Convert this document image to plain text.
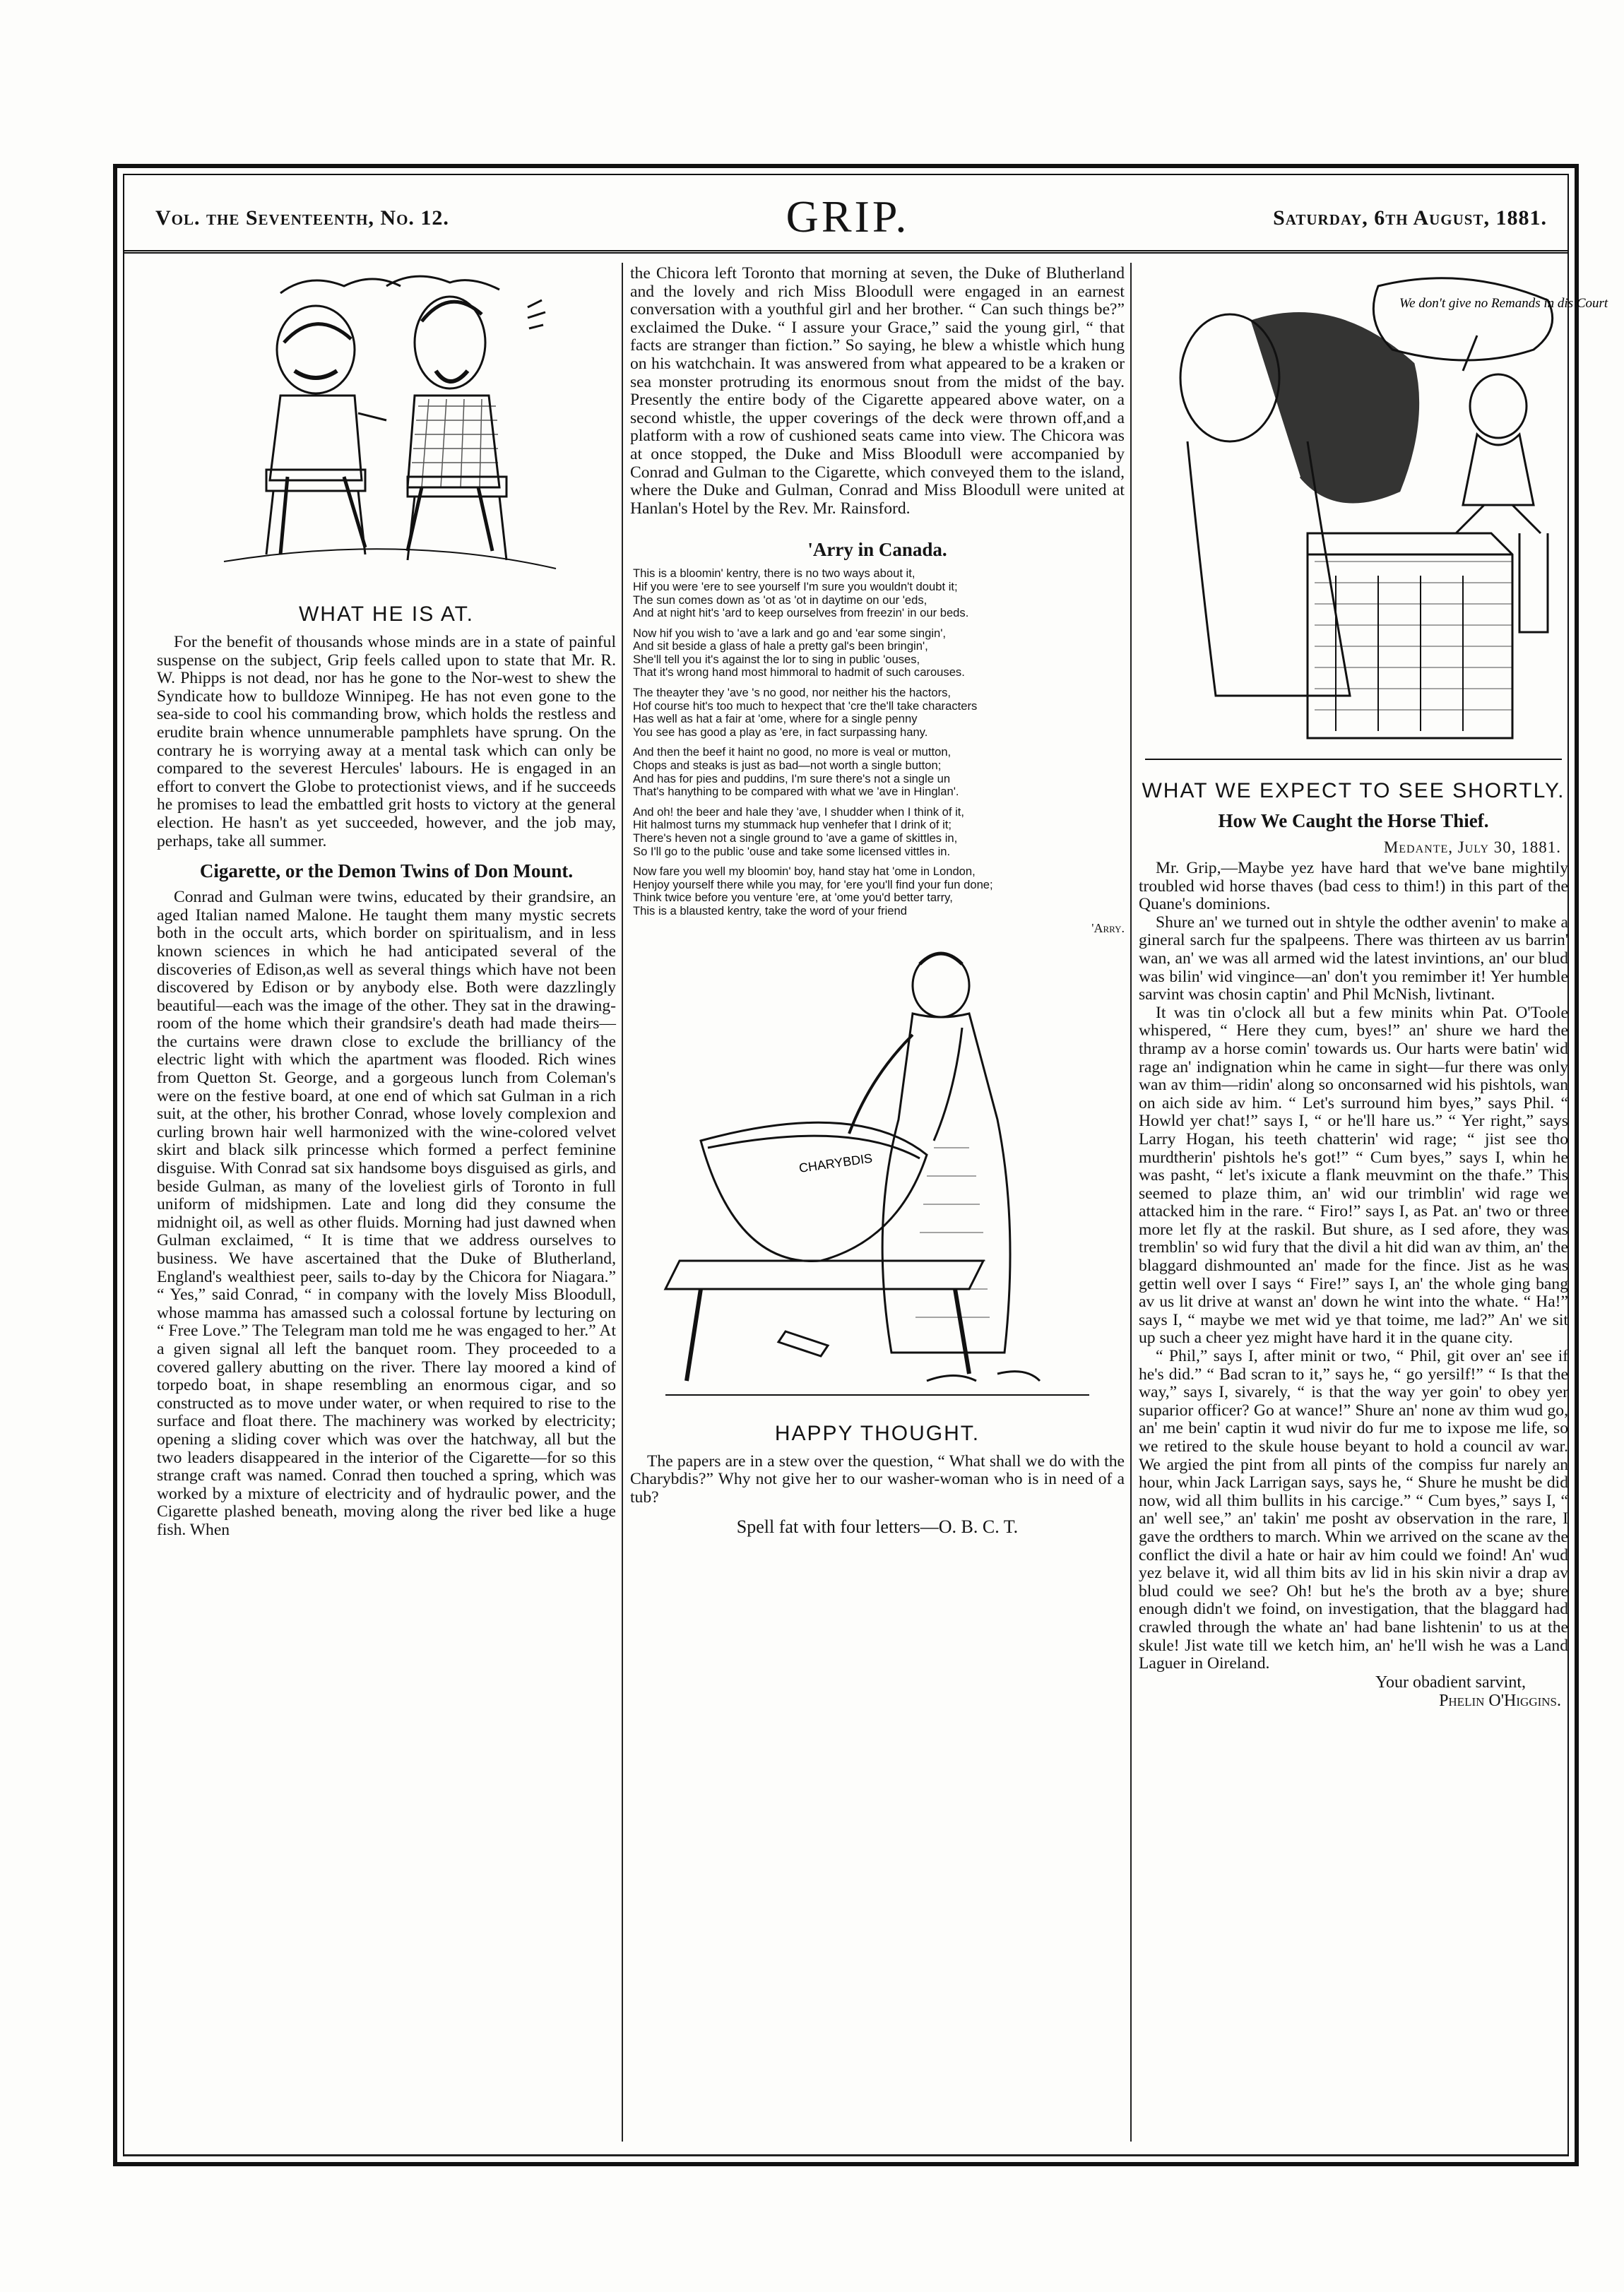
Vol. the Seventeenth, No. 12.	GRIP.	Saturday, 6th August, 1881.
WHAT HE IS AT.

For the benefit of thousands whose minds are in a state of painful suspense on the subject, Grip feels called upon to state that Mr. R. W. Phipps is not dead, nor has he gone to the Nor-west to shew the Syndicate how to bulldoze Winnipeg. He has not even gone to the sea-side to cool his commanding brow, which holds the restless and erudite brain whence unnumerable pamphlets have sprung. On the contrary he is worrying away at a mental task which can only be compared to the severest Hercules' labours. He is engaged in an effort to convert the Globe to protectionist views, and if he succeeds he promises to lead the embattled grit hosts to victory at the general election. He hasn't as yet succeeded, however, and the job may, perhaps, take all summer.

Cigarette, or the Demon Twins of Don Mount.

Conrad and Gulman were twins, educated by their grandsire, an aged Italian named Malone. He taught them many mystic secrets both in the occult arts, which border on spiritualism, and in less known sciences in which he had anticipated several of the discoveries of Edison,as well as several things which have not been discovered by Edison or by anybody else. Both were dazzlingly beautiful—each was the image of the other. They sat in the drawing-room of the home which their grandsire's death had made theirs—the curtains were drawn close to exclude the brilliancy of the electric light with which the apartment was flooded. Rich wines from Quetton St. George, and a gorgeous lunch from Coleman's were on the festive board, at one end of which sat Gulman in a rich suit, at the other, his brother Conrad, whose lovely complexion and curling brown hair well harmonized with the wine-colored velvet skirt and black silk princesse which formed a perfect feminine disguise. With Conrad sat six handsome boys disguised as girls, and beside Gulman, as many of the loveliest girls of Toronto in full uniform of midshipmen. Late and long did they consume the midnight oil, as well as other fluids. Morning had just dawned when Gulman exclaimed, “ It is time that we address ourselves to business. We have ascertained that the Duke of Blutherland, England's wealthiest peer, sails to-day by the Chicora for Niagara.” “ Yes,” said Conrad, “ in company with the lovely Miss Bloodull, whose mamma has amassed such a colossal fortune by lecturing on “ Free Love.” The Telegram man told me he was engaged to her.” At a given signal all left the banquet room. They proceeded to a covered gallery abutting on the river. There lay moored a kind of torpedo boat, in shape resembling an enormous cigar, and so constructed as to move under water, or when required to rise to the surface and float there. The machinery was worked by electricity; opening a sliding cover which was over the hatchway, all but the two leaders disappeared in the interior of the Cigarette—for so this strange craft was named. Conrad then touched a spring, which was worked by a mixture of electricity and of hydraulic power, and the Cigarette plashed beneath, moving along the river bed like a huge fish. When

the Chicora left Toronto that morning at seven, the Duke of Blutherland and the lovely and rich Miss Bloodull were engaged in an earnest conversation with a youthful girl and her brother. “ Can such things be?” exclaimed the Duke. “ I assure your Grace,” said the young girl, “ that facts are stranger than fiction.” So saying, he blew a whistle which hung on his watchchain. It was answered from what appeared to be a kraken or sea monster protruding its enormous snout from the midst of the bay. Presently the entire body of the Cigarette appeared above water, on a second whistle, the upper coverings of the deck were thrown off,and a platform with a row of cushioned seats came into view. The Chicora was at once stopped, the Duke and Miss Bloodull were accompanied by Conrad and Gulman to the Cigarette, which conveyed them to the island, where the Duke and Gulman, Conrad and Miss Bloodull were united at Hanlan's Hotel by the Rev. Mr. Rainsford.

'Arry in Canada.
This is a bloomin' kentry, there is no two ways about it,
Hif you were 'ere to see yourself I'm sure you wouldn't doubt it;
The sun comes down as 'ot as 'ot in daytime on our 'eds,
And at night hit's 'ard to keep ourselves from freezin' in our beds.
Now hif you wish to 'ave a lark and go and 'ear some singin',
And sit beside a glass of hale a pretty gal's been bringin',
She'll tell you it's against the lor to sing in public 'ouses,
That it's wrong hand most himmoral to hadmit of such carouses.
The theayter they 'ave 's no good, nor neither his the hactors,
Hof course hit's too much to hexpect that 'cre the'll take characters
Has well as hat a fair at 'ome, where for a single penny
You see has good a play as 'ere, in fact surpassing hany.
And then the beef it haint no good, no more is veal or mutton,
Chops and steaks is just as bad—not worth a single button;
And has for pies and puddins, I'm sure there's not a single un
That's hanything to be compared with what we 'ave in Hinglan'.
And oh! the beer and hale they 'ave, I shudder when I think of it,
Hit halmost turns my stummack hup venhefer that I drink of it;
There's heven not a single ground to 'ave a game of skittles in,
So I'll go to the public 'ouse and take some licensed vittles in.
Now fare you well my bloomin' boy, hand stay hat 'ome in London,
Henjoy yourself there while you may, for 'ere you'll find your fun done;
Think twice before you venture 'ere, at 'ome you'd better tarry,
This is a blausted kentry, take the word of your friend
'Arry.
CHARYBDIS
HAPPY THOUGHT.

The papers are in a stew over the question, “ What shall we do with the Charybdis?” Why not give her to our washer-woman who is in need of a tub?

Spell fat with four letters—O. B. C. T.
We don't give no Remands in dis Court
WHAT WE EXPECT TO SEE SHORTLY.
How We Caught the Horse Thief.
Medante, July 30, 1881.

Mr. Grip,—Maybe yez have hard that we've bane mightily troubled wid horse thaves (bad cess to thim!) in this part of the Quane's dominions.

Shure an' we turned out in shtyle the odther avenin' to make a gineral sarch fur the spalpeens. There was thirteen av us barrin' wan, an' we was all armed wid the latest invintions, an' our blud was bilin' wid vingince—an' don't you remimber it! Yer humble sarvint was chosin captin' and Phil McNish, livtinant.

It was tin o'clock all but a few minits whin Pat. O'Toole whispered, “ Here they cum, byes!” an' shure we hard the thramp av a horse comin' towards us. Our harts were batin' wid rage an' indignation whin he came in sight—fur there was only wan av thim—ridin' along so onconsarned wid his pishtols, wan on aich side av him. “ Let's surround him byes,” says Phil. “ Howld yer chat!” says I, “ or he'll hare us.” “ Yer right,” says Larry Hogan, his teeth chatterin' wid rage; “ jist see tho murdtherin' pishtols he's got!” “ Cum byes,” says I, whin he was pasht, “ let's ixicute a flank meuvmint on the thafe.” This seemed to plaze thim, an' wid our trimblin' wid rage we attacked him in the rare. “ Firo!” says I, as Pat. an' two or three more let fly at the raskil. But shure, as I sed afore, they was tremblin' so wid fury that the divil a hit did wan av thim, an' the blaggard dishmounted an' made for the fince. Jist as he was gettin well over I says “ Fire!” says I, an' the whole ging bang av us lit drive at wanst an' down he wint into the whate. “ Ha!” says I, “ maybe we met wid ye that toime, me lad?” An' we sit up such a cheer yez might have hard it in the quane city.

“ Phil,” says I, after minit or two, “ Phil, git over an' see if he's did.” “ Bad scran to it,” says he, “ go yersilf!” “ Is that the way,” says I, sivarely, “ is that the way yer goin' to obey yer suparior officer? Go at wance!” Shure an' none av thim wud go, an' me bein' captin it wud nivir do fur me to ixpose me life, so we retired to the skule house beyant to hold a council av war. We argied the pint from all pints of the compiss fur narely an hour, whin Jack Larrigan says, says he, “ Shure he musht be did now, wid all thim bullits in his carcige.” “ Cum byes,” says I, “ an' well see,” an' takin' me posht av observation in the rare, I gave the ordthers to march. Whin we arrived on the scane av the conflict the divil a hate or hair av him could we foind! An' wud yez belave it, wid all thim bits av lid in his skin nivir a drap av blud could we see? Oh! but he's the broth av a bye; shure enough didn't we foind, on investigation, that the blaggard had crawled through the whate an' had bane lishtenin' to us at the skule! Jist wate till we ketch him, an' he'll wish he was a Land Laguer in Oireland.

Your obadient sarvint,
Phelin O'Higgins.
